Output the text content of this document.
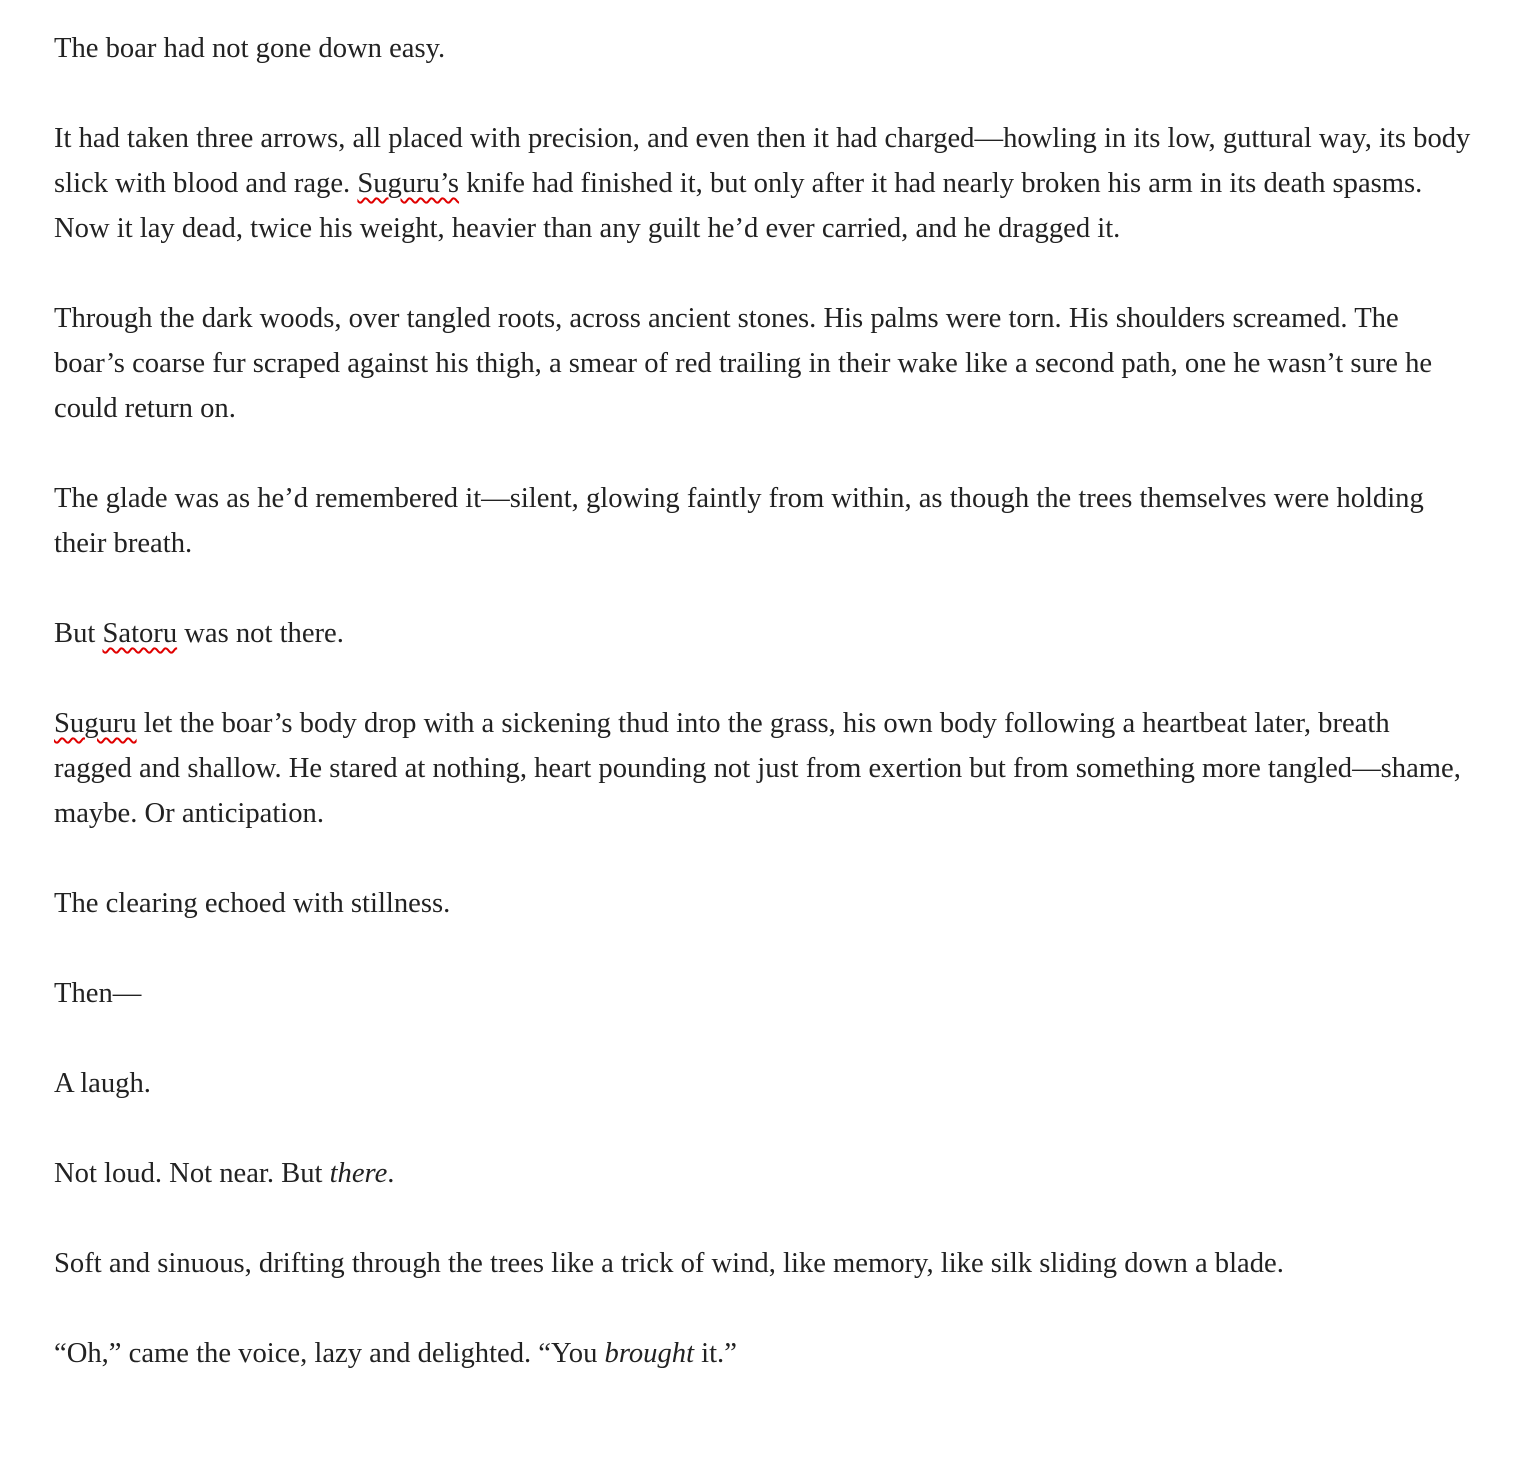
The boar had not gone down easy.

It had taken three arrows, all placed with precision, and even then it had charged—howling in its low, guttural way, its body slick with blood and rage. Suguru’s knife had finished it, but only after it had nearly broken his arm in its death spasms. Now it lay dead, twice his weight, heavier than any guilt he’d ever carried, and he dragged it.

Through the dark woods, over tangled roots, across ancient stones. His palms were torn. His shoulders screamed. The boar’s coarse fur scraped against his thigh, a smear of red trailing in their wake like a second path, one he wasn’t sure he could return on.

The glade was as he’d remembered it—silent, glowing faintly from within, as though the trees themselves were holding their breath.

But Satoru was not there.

Suguru let the boar’s body drop with a sickening thud into the grass, his own body following a heartbeat later, breath ragged and shallow. He stared at nothing, heart pounding not just from exertion but from something more tangled—shame, maybe. Or anticipation.

The clearing echoed with stillness.

Then—

A laugh.

Not loud. Not near. But there.

Soft and sinuous, drifting through the trees like a trick of wind, like memory, like silk sliding down a blade.

“Oh,” came the voice, lazy and delighted. “You brought it.”
